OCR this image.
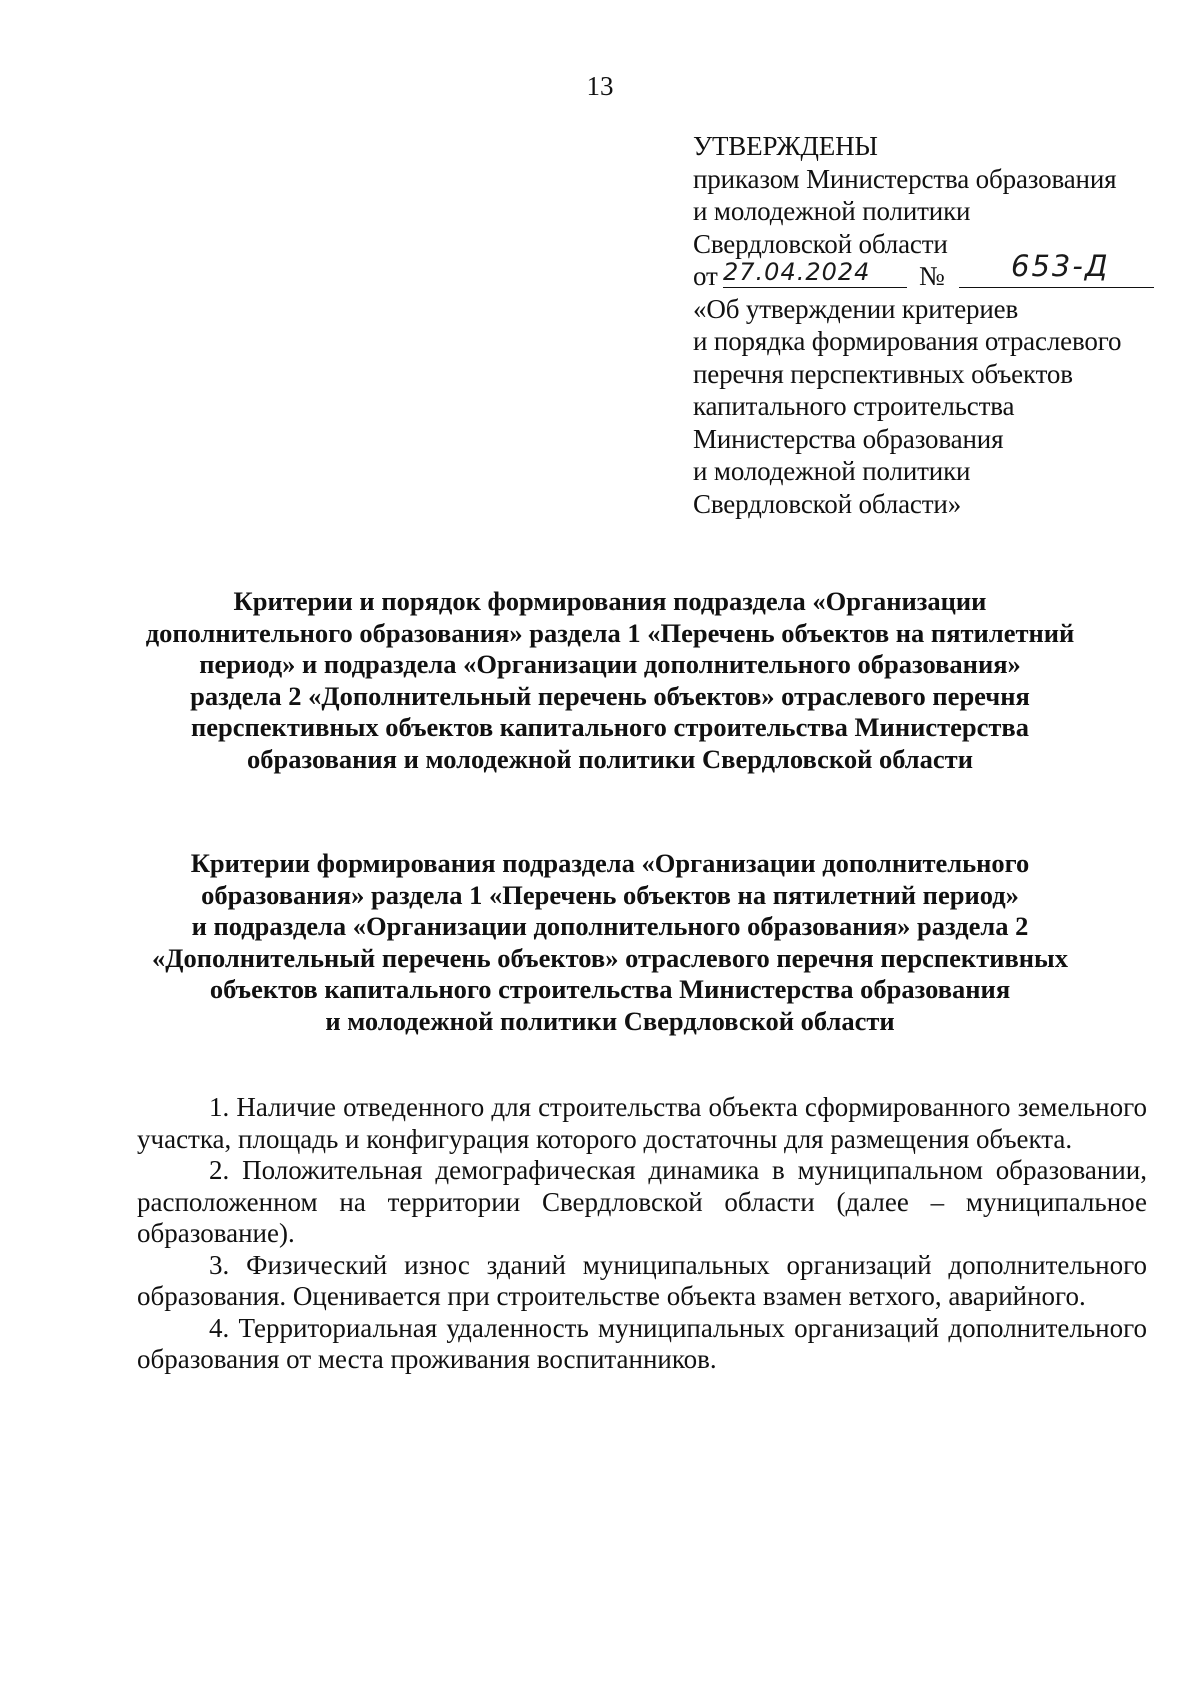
13
УТВЕРЖДЕНЫ
приказом Министерства образования
и молодежной политики
Свердловской области
от 27.04.2024 № 653-Д
«Об утверждении критериев
и порядка формирования отраслевого
перечня перспективных объектов
капитального строительства
Министерства образования
и молодежной политики
Свердловской области»
Критерии и порядок формирования подраздела «Организации
дополнительного образования» раздела 1 «Перечень объектов на пятилетний
период» и подраздела «Организации дополнительного образования»
раздела 2 «Дополнительный перечень объектов» отраслевого перечня
перспективных объектов капитального строительства Министерства
образования и молодежной политики Свердловской области
Критерии формирования подраздела «Организации дополнительного
образования» раздела 1 «Перечень объектов на пятилетний период»
и подраздела «Организации дополнительного образования» раздела 2
«Дополнительный перечень объектов» отраслевого перечня перспективных
объектов капитального строительства Министерства образования
и молодежной политики Свердловской области

1. Наличие отведенного для строительства объекта сформированного земельного участка, площадь и конфигурация которого достаточны для размещения объекта.

2. Положительная демографическая динамика в муниципальном образовании, расположенном на территории Свердловской области (далее – муниципальное образование).

3. Физический износ зданий муниципальных организаций дополнительного образования. Оценивается при строительстве объекта взамен ветхого, аварийного.

4. Территориальная удаленность муниципальных организаций дополнительного образования от места проживания воспитанников.
